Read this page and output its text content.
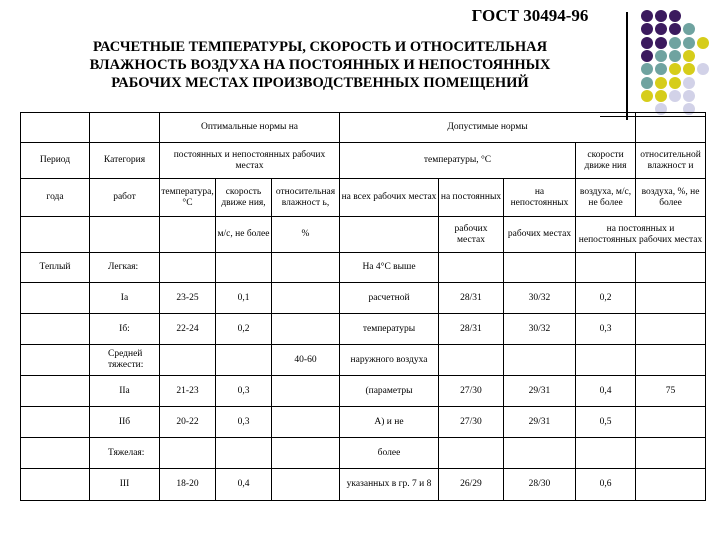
ГОСТ 30494-96
РАСЧЕТНЫЕ ТЕМПЕРАТУРЫ, СКОРОСТЬ И ОТНОСИТЕЛЬНАЯ
ВЛАЖНОСТЬ ВОЗДУХА НА ПОСТОЯННЫХ И НЕПОСТОЯННЫХ
РАБОЧИХ МЕСТАХ ПРОИЗВОДСТВЕННЫХ ПОМЕЩЕНИЙ
		Оптимальные нормы на			Допустимые нормы				
Период	Категория	постоянных и непостоянных рабочих местах			температуры, °С			скорости движе ния	относительной влажност и
года	работ	температура, °С	скорость движе ния,	относительная влажност ь,	на всех рабочих местах	на постоянных	на непостоянных	воздуха, м/с, не более	воздуха, %, не более
			м/с, не более	%		рабочих местах	рабочих местах	на постоянных и непостоянных рабочих местах	
Теплый	Легкая:				На 4°С выше				
	Iа	23-25	0,1		расчетной	28/31	30/32	0,2	
	Iб:	22-24	0,2		температуры	28/31	30/32	0,3	
	Средней тяжести:			40-60	наружного воздуха				
	IIа	21-23	0,3		(параметры	27/30	29/31	0,4	75
	IIб	20-22	0,3		А) и не	27/30	29/31	0,5	
	Тяжелая:				более				
	III	18-20	0,4		указанных в гр. 7 и 8	26/29	28/30	0,6	
